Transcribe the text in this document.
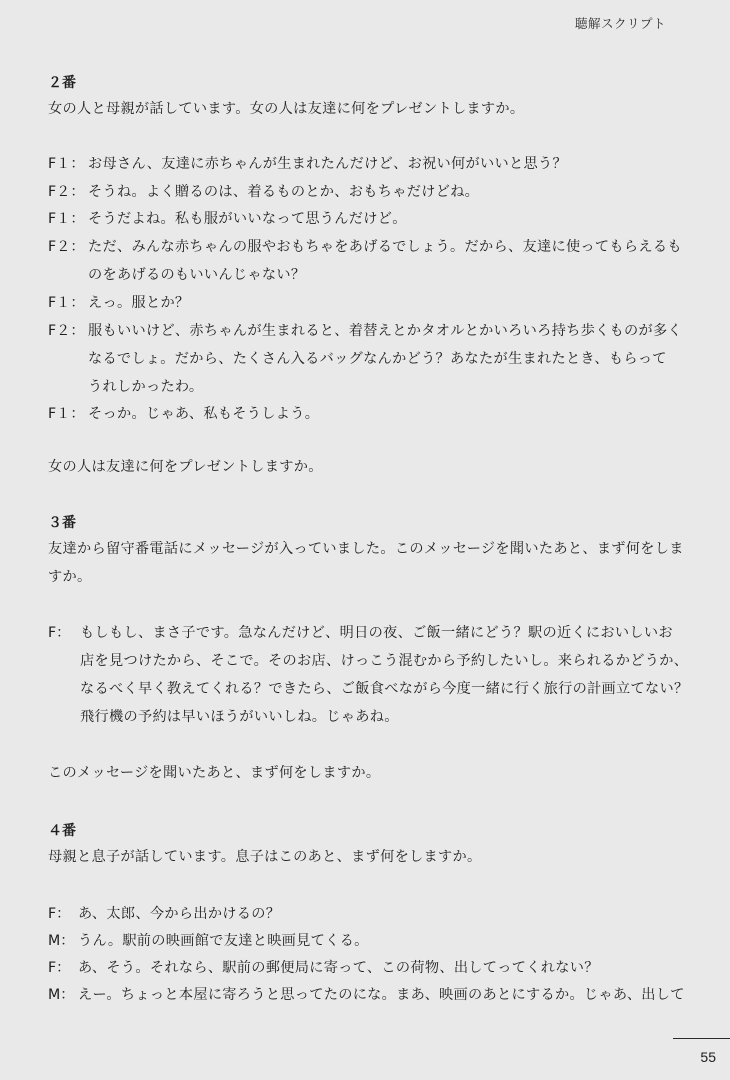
聴解スクリプト
２番
女の人と母親が話しています。女の人は友達に何をプレゼントしますか。
F１： お母さん、友達に赤ちゃんが生まれたんだけど、お祝い何がいいと思う？
F２： そうね。よく贈るのは、着るものとか、おもちゃだけどね。
F１： そうだよね。私も服がいいなって思うんだけど。
F２： ただ、みんな赤ちゃんの服やおもちゃをあげるでしょう。だから、友達に使ってもらえるも
のをあげるのもいいんじゃない？
F１： えっ。服とか？
F２： 服もいいけど、赤ちゃんが生まれると、着替えとかタオルとかいろいろ持ち歩くものが多く
なるでしょ。だから、たくさん入るバッグなんかどう？あなたが生まれたとき、もらって
うれしかったわ。
F１： そっか。じゃあ、私もそうしよう。
女の人は友達に何をプレゼントしますか。
３番
友達から留守番電話にメッセージが入っていました。このメッセージを聞いたあと、まず何をしま
すか。
F： もしもし、まさ子です。急なんだけど、明日の夜、ご飯一緒にどう？駅の近くにおいしいお
店を見つけたから、そこで。そのお店、けっこう混むから予約したいし。来られるかどうか、
なるべく早く教えてくれる？できたら、ご飯食べながら今度一緒に行く旅行の計画立てない？
飛行機の予約は早いほうがいいしね。じゃあね。
このメッセージを聞いたあと、まず何をしますか。
４番
母親と息子が話しています。息子はこのあと、まず何をしますか。
F： あ、太郎、今から出かけるの？
M： うん。駅前の映画館で友達と映画見てくる。
F： あ、そう。それなら、駅前の郵便局に寄って、この荷物、出してってくれない？
M： えー。ちょっと本屋に寄ろうと思ってたのにな。まあ、映画のあとにするか。じゃあ、出して
55
